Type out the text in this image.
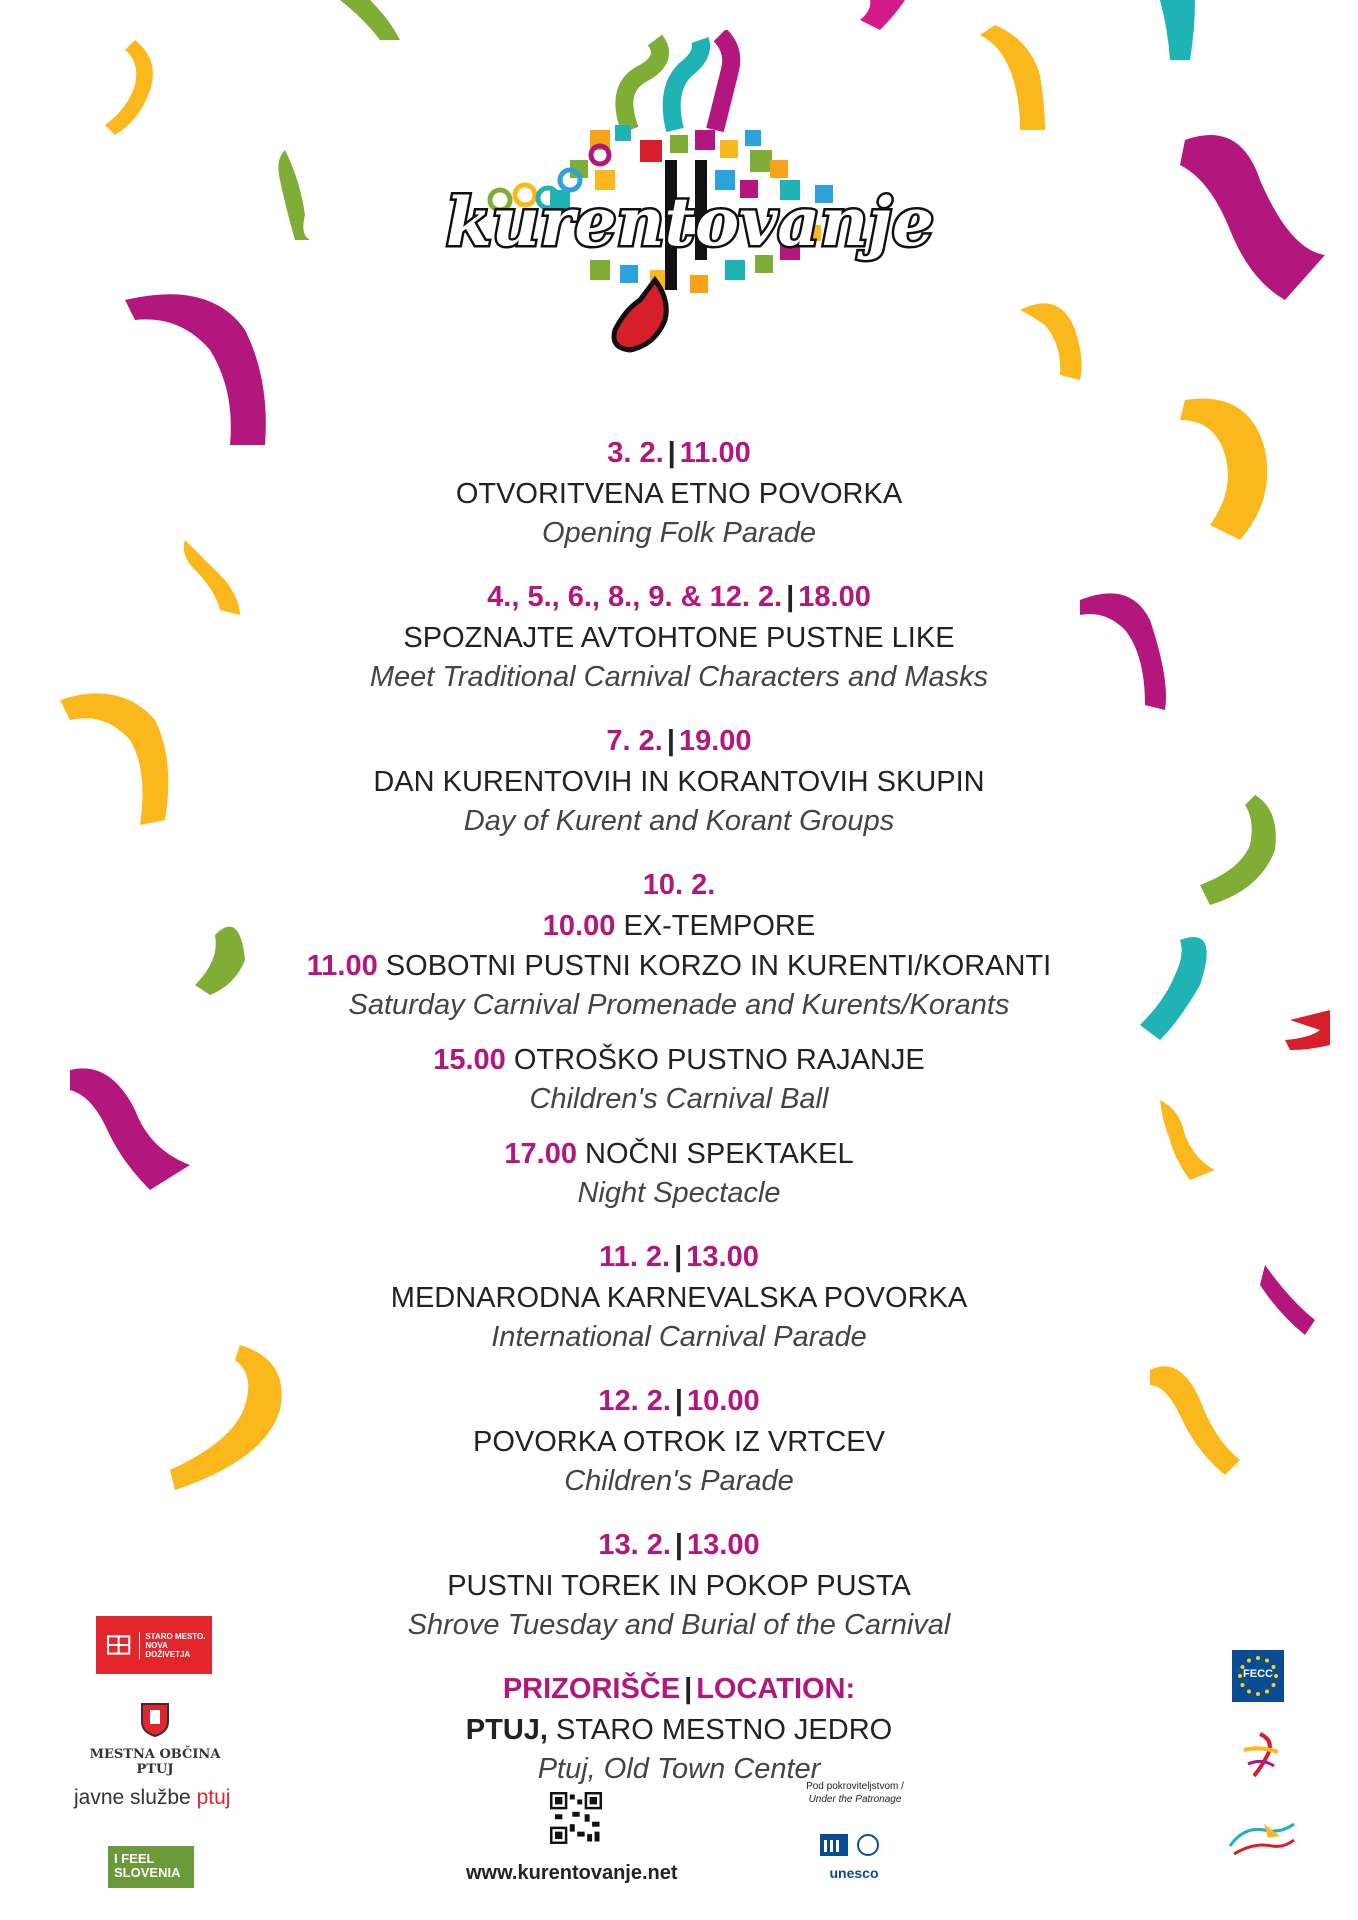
kurentovanje
3. 2. | 11.00
OTVORITVENA ETNO POVORKA
Opening Folk Parade
4., 5., 6., 8., 9. & 12. 2. | 18.00
SPOZNAJTE AVTOHTONE PUSTNE LIKE
Meet Traditional Carnival Characters and Masks
7. 2. | 19.00
DAN KURENTOVIH IN KORANTOVIH SKUPIN
Day of Kurent and Korant Groups
10. 2.
10.00 EX-TEMPORE
11.00 SOBOTNI PUSTNI KORZO IN KURENTI/KORANTI
Saturday Carnival Promenade and Kurents/Korants
15.00 OTROŠKO PUSTNO RAJANJE
Children's Carnival Ball
17.00 NOČNI SPEKTAKEL
Night Spectacle
11. 2. | 13.00
MEDNARODNA KARNEVALSKA POVORKA
International Carnival Parade
12. 2. | 10.00
POVORKA OTROK IZ VRTCEV
Children's Parade
13. 2. | 13.00
PUSTNI TOREK IN POKOP PUSTA
Shrove Tuesday and Burial of the Carnival
PRIZORIŠČE | LOCATION:
PTUJ, STARO MESTNO JEDRO
Ptuj, Old Town Center
STARO MESTO. NOVA DOŽIVETJA
MESTNA OBČINA PTUJ
javne službe ptuj
I FEEL
SLOVENIA	www.kurentovanje.net
Pod pokroviteljstvom /
Under the Patronage
unesco
FECC
